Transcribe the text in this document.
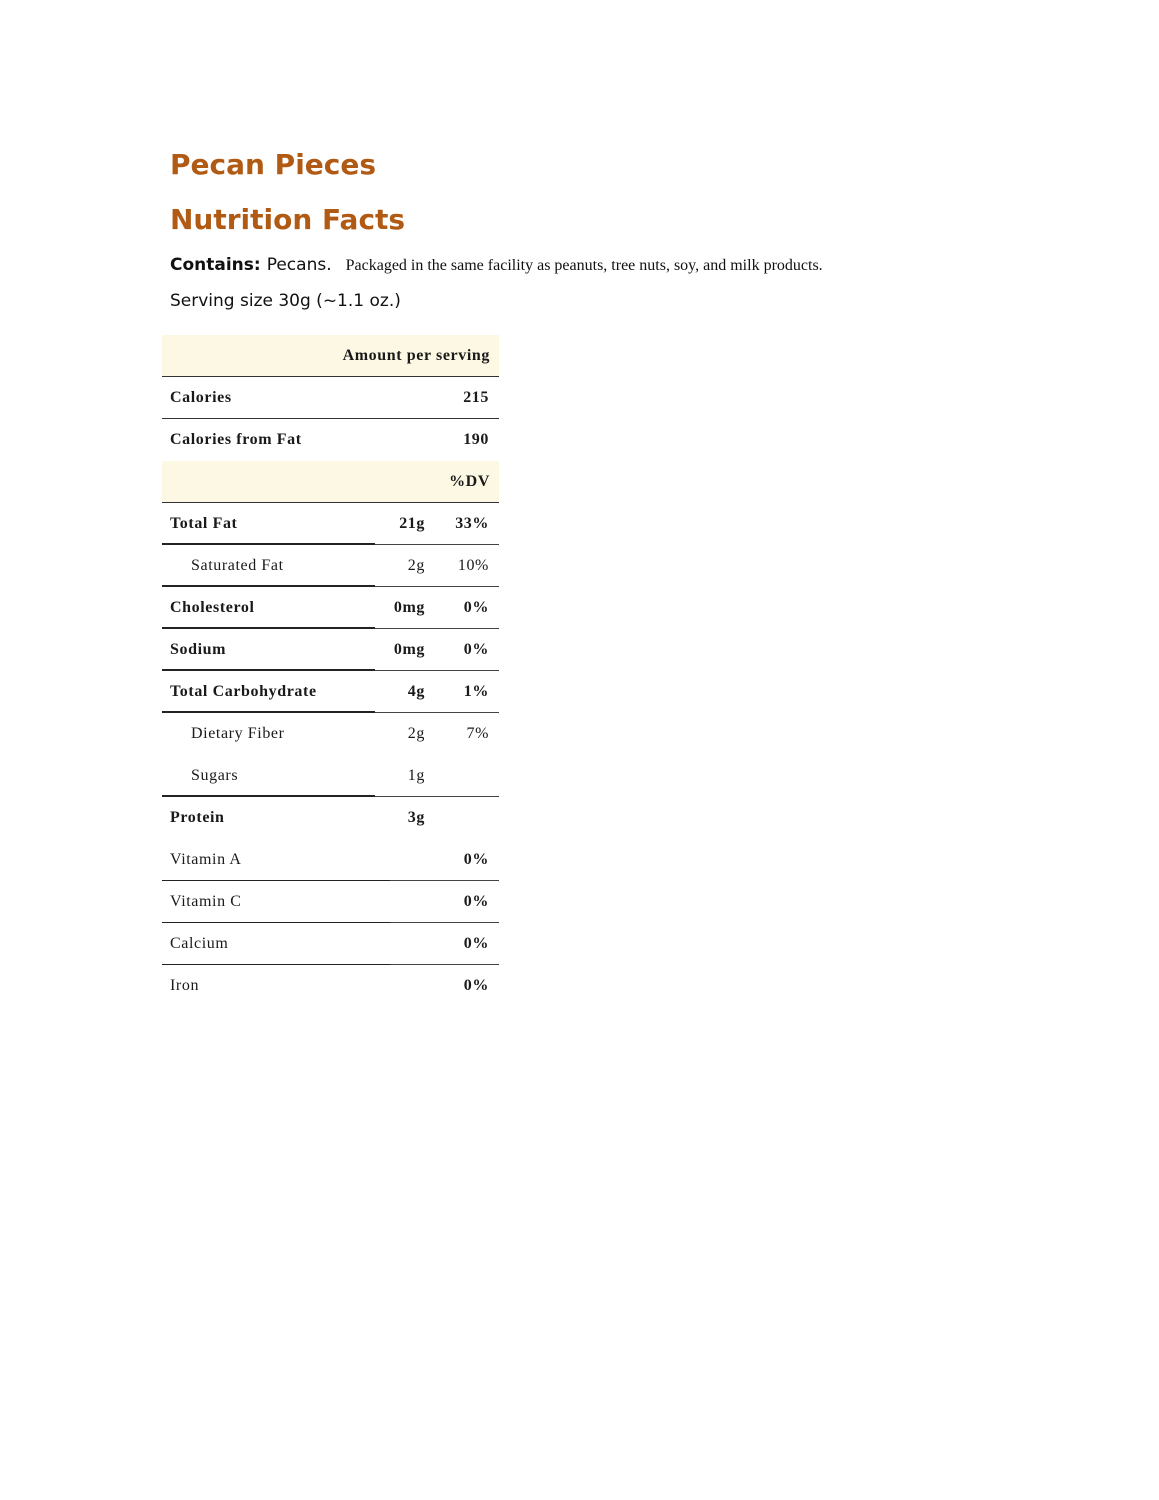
Pecan Pieces
Nutrition Facts
Contains: Pecans. Packaged in the same facility as peanuts, tree nuts, soy, and milk products.
Serving size 30g (~1.1 oz.)
Amount per serving
Calories	215
Calories from Fat	190
%DV
Total Fat	21g 33%
Saturated Fat	2g 10%
Cholesterol	0mg 0%
Sodium	0mg 0%
Total Carbohydrate	4g 1%
Dietary Fiber	2g	7%
Sugars	1g
Protein	3g
Vitamin A	0%
Vitamin C	0%
Calcium	0%
Iron	0%
